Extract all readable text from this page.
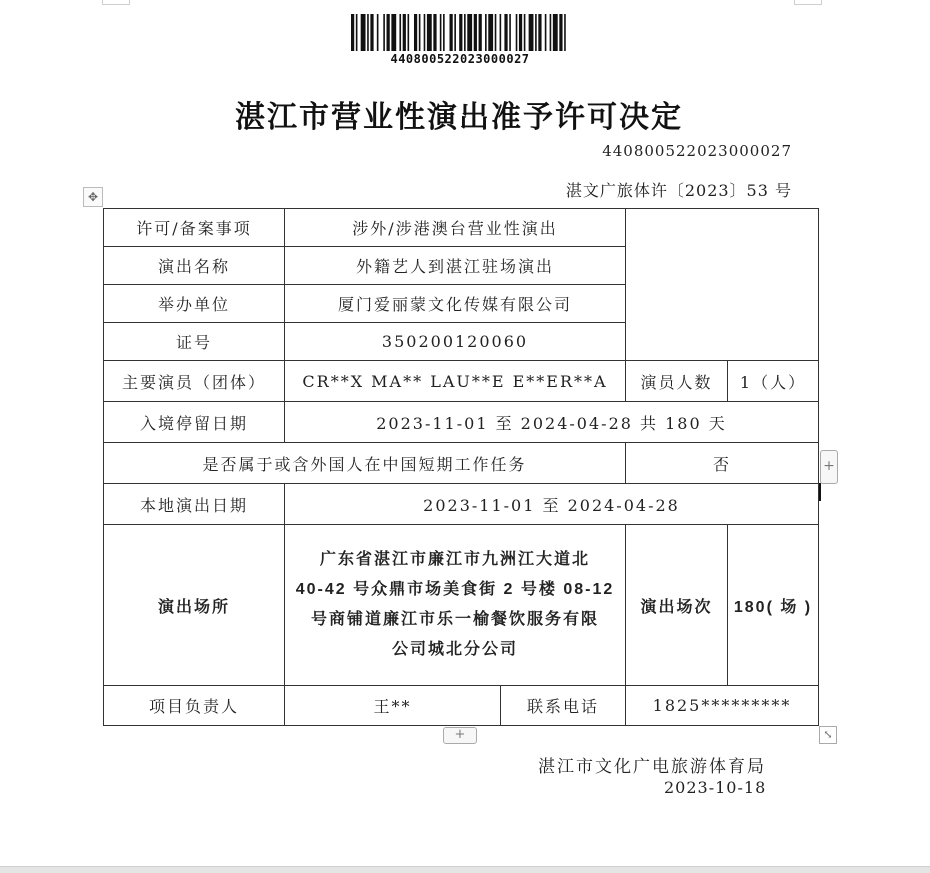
440800522023000027
湛江市营业性演出准予许可决定
440800522023000027
湛文广旅体许〔2023〕53 号
✥
许可/备案事项	涉外/涉港澳台营业性演出			
演出名称	外籍艺人到湛江驻场演出			
举办单位	厦门爱丽蒙文化传媒有限公司			
证号	350200120060			
主要演员（团体）	CR**X MA** LAU**E E**ER**A		演员人数	1（人）
入境停留日期	2023-11-01 至 2024-04-28 共 180 天			
是否属于或含外国人在中国短期工作任务			否	
本地演出日期	2023-11-01 至 2024-04-28			
演出场所	广东省湛江市廉江市九洲江大道北
40-42 号众鼎市场美食街 2 号楼 08-12
号商铺道廉江市乐一榆餐饮服务有限
公司城北分公司		演出场次	180( 场 )
项目负责人	王**	联系电话	1825*********	
+
+	⤡
湛江市文化广电旅游体育局
2023-10-18
